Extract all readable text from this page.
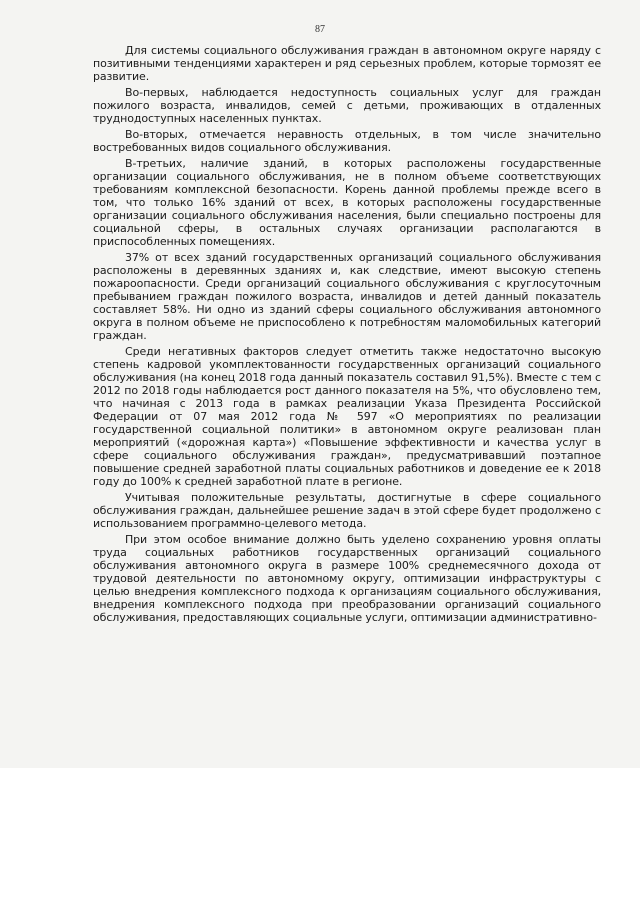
87

Для системы социального обслуживания граждан в автономном округе наряду с позитивными тенденциями характерен и ряд серьезных проблем, которые тормозят ее развитие.

Во-первых, наблюдается недоступность социальных услуг для граждан пожилого возраста, инвалидов, семей с детьми, проживающих в отдаленных труднодоступных населенных пунктах.

Во-вторых, отмечается неравность отдельных, в том числе значительно востребованных видов социального обслуживания.

В-третьих, наличие зданий, в которых расположены государственные организации социального обслуживания, не в полном объеме соответствующих требованиям комплексной безопасности. Корень данной проблемы прежде всего в том, что только 16% зданий от всех, в которых расположены государственные организации социального обслуживания населения, были специально построены для социальной сферы, в остальных случаях организации располагаются в приспособленных помещениях.

37% от всех зданий государственных организаций социального обслуживания расположены в деревянных зданиях и, как следствие, имеют высокую степень пожароопасности. Среди организаций социального обслуживания с круглосуточным пребыванием граждан пожилого возраста, инвалидов и детей данный показатель составляет 58%. Ни одно из зданий сферы социального обслуживания автономного округа в полном объеме не приспособлено к потребностям маломобильных категорий граждан.

Среди негативных факторов следует отметить также недостаточно высокую степень кадровой укомплектованности государственных организаций социального обслуживания (на конец 2018 года данный показатель составил 91,5%). Вместе с тем с 2012 по 2018 годы наблюдается рост данного показателя на 5%, что обусловлено тем, что начиная с 2013 года в рамках реализации Указа Президента Российской Федерации от 07 мая 2012 года № 597 «О мероприятиях по реализации государственной социальной политики» в автономном округе реализован план мероприятий («дорожная карта») «Повышение эффективности и качества услуг в сфере социального обслуживания граждан», предусматривавший поэтапное повышение средней заработной платы социальных работников и доведение ее к 2018 году до 100% к средней заработной плате в регионе.

Учитывая положительные результаты, достигнутые в сфере социального обслуживания граждан, дальнейшее решение задач в этой сфере будет продолжено с использованием программно-целевого метода.

При этом особое внимание должно быть уделено сохранению уровня оплаты труда социальных работников государственных организаций социального обслуживания автономного округа в размере 100% среднемесячного дохода от трудовой деятельности по автономному округу, оптимизации инфраструктуры с целью внедрения комплексного подхода к организациям социального обслуживания, внедрения комплексного подхода при преобразовании организаций социального обслуживания, предоставляющих социальные услуги, оптимизации административно-
